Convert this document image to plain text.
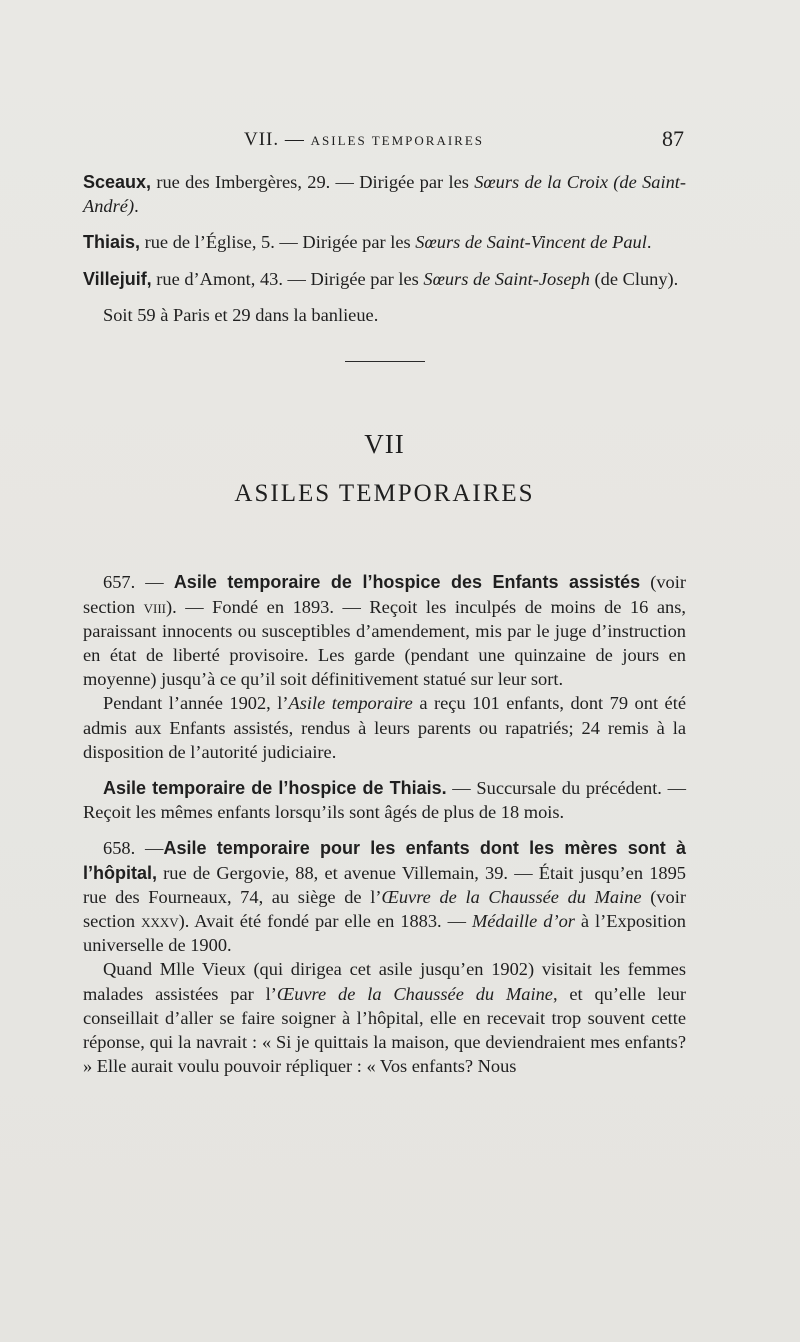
VII. — ASILES TEMPORAIRES	87

Sceaux, rue des Imbergères, 29. — Dirigée par les Sœurs de la Croix (de Saint-André).

Thiais, rue de l’Église, 5. — Dirigée par les Sœurs de Saint-Vincent de Paul.

Villejuif, rue d’Amont, 43. — Dirigée par les Sœurs de Saint-Joseph (de Cluny).

Soit 59 à Paris et 29 dans la banlieue.

VII
ASILES TEMPORAIRES

657. — Asile temporaire de l’hospice des Enfants assistés (voir section viii). — Fondé en 1893. — Reçoit les inculpés de moins de 16 ans, paraissant innocents ou susceptibles d’amendement, mis par le juge d’instruction en état de liberté provisoire. Les garde (pendant une quinzaine de jours en moyenne) jusqu’à ce qu’il soit définitivement statué sur leur sort.

Pendant l’année 1902, l’Asile temporaire a reçu 101 enfants, dont 79 ont été admis aux Enfants assistés, rendus à leurs parents ou rapatriés; 24 remis à la disposition de l’autorité judiciaire.

Asile temporaire de l’hospice de Thiais. — Succursale du précédent. — Reçoit les mêmes enfants lorsqu’ils sont âgés de plus de 18 mois.

658. —Asile temporaire pour les enfants dont les mères sont à l’hôpital, rue de Gergovie, 88, et avenue Villemain, 39. — Était jusqu’en 1895 rue des Fourneaux, 74, au siège de l’Œuvre de la Chaussée du Maine (voir section xxxv). Avait été fondé par elle en 1883. — Médaille d’or à l’Exposition universelle de 1900.

Quand Mlle Vieux (qui dirigea cet asile jusqu’en 1902) visitait les femmes malades assistées par l’Œuvre de la Chaussée du Maine, et qu’elle leur conseillait d’aller se faire soigner à l’hôpital, elle en recevait trop souvent cette réponse, qui la navrait : « Si je quittais la maison, que deviendraient mes enfants? » Elle aurait voulu pouvoir répliquer : « Vos enfants? Nous
